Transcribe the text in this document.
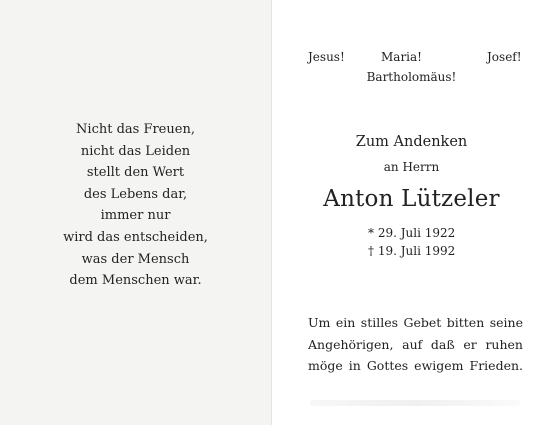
Nicht das Freuen,
nicht das Leiden
stellt den Wert
des Lebens dar,
immer nur
wird das entscheiden,
was der Mensch
dem Menschen war.
Jesus!	Maria!	Josef!
Bartholomäus!
Zum Andenken
an Herrn
Anton Lützeler
* 29. Juli 1922
† 19. Juli 1992
Um ein stilles Gebet bitten seine
Angehörigen, auf daß er ruhen
möge in Gottes ewigem Frieden.
